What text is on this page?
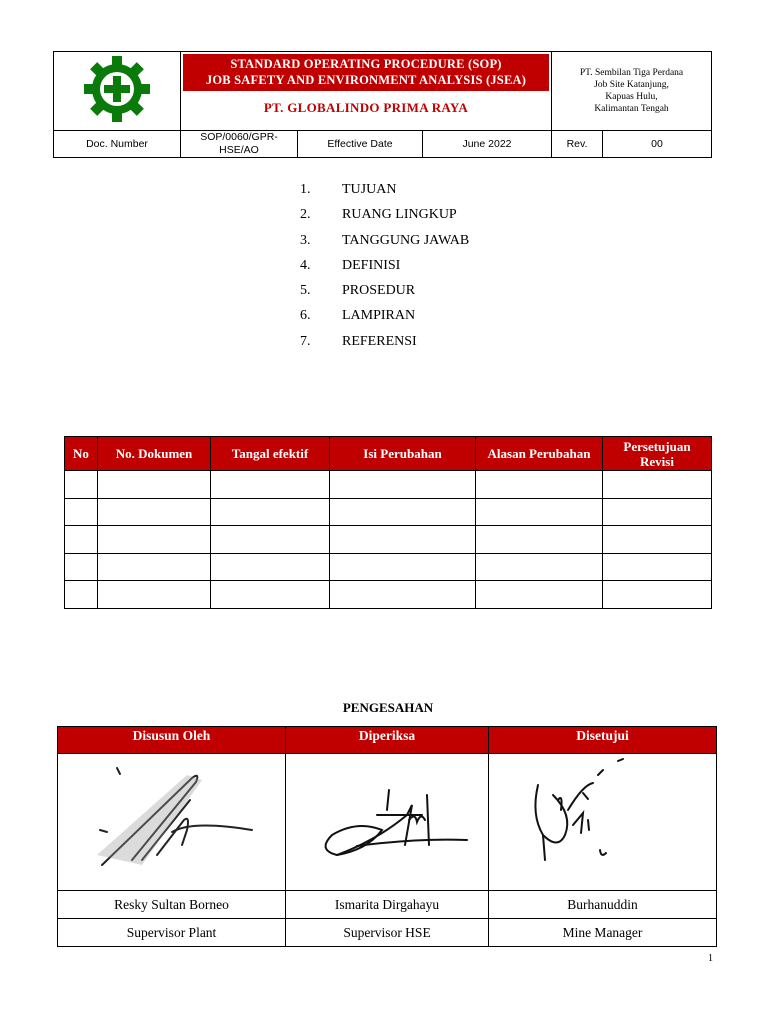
STANDARD OPERATING PROCEDURE (SOP)
JOB SAFETY AND ENVIRONMENT ANALYSIS (JSEA)
PT. GLOBALINDO PRIMA RAYA

PT. Sembilan Tiga Perdana
Job Site Katanjung,
Kapuas Hulu,
Kalimantan Tengah
Doc. Number	SOP/0060/GPR-HSE/AO	Effective Date	June 2022	Rev.	00
1.	TUJUAN
2.	RUANG LINGKUP
3.	TANGGUNG JAWAB
4.	DEFINISI
5.	PROSEDUR
6.	LAMPIRAN
7.	REFERENSI
No	No. Dokumen	Tangal efektif	Isi Perubahan	Alasan Perubahan	Persetujuan Revisi

PENGESAHAN
Disusun Oleh	Diperiksa	Disetujui

Resky Sultan Borneo	Ismarita Dirgahayu	Burhanuddin
Supervisor Plant	Supervisor HSE	Mine Manager
1
